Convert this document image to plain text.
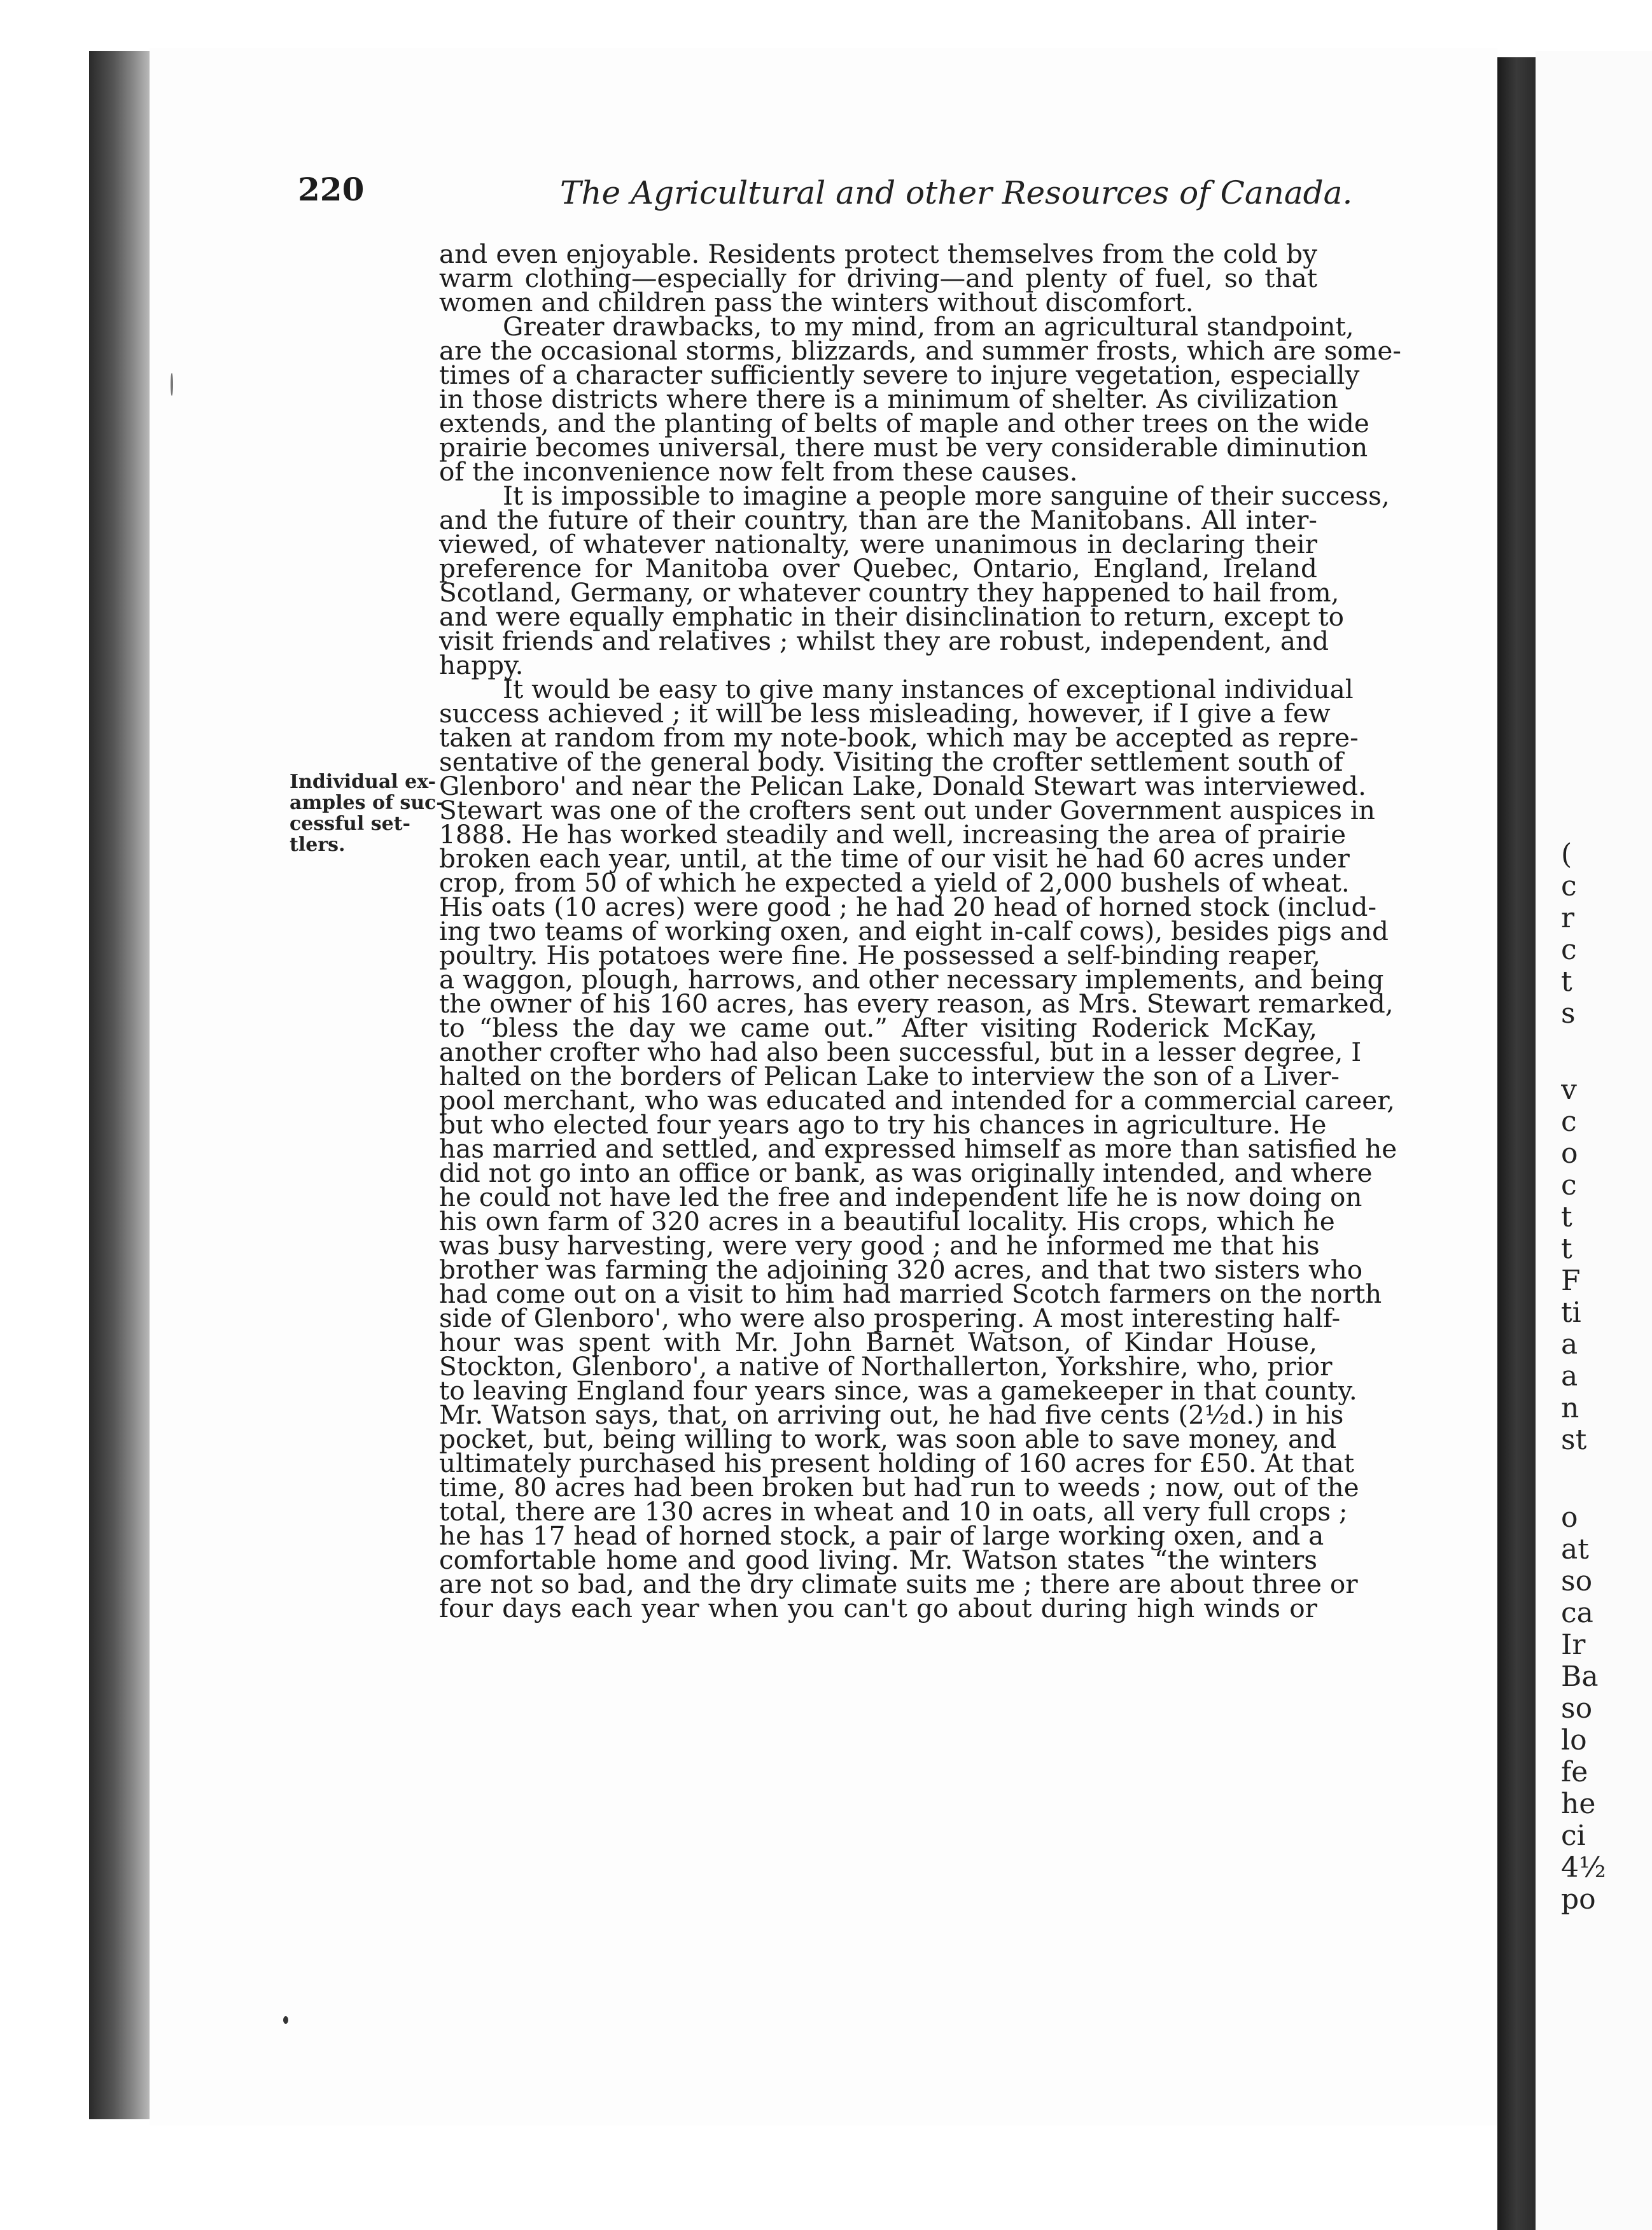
(
c
r
c
t
s
v
c
o
c
t
t
F
ti
a
a
n
st
o
at
so
ca
Ir
Ba
so
lo
fe
he
ci
4½
po
220	The Agricultural and other Resources of Canada.
Individual ex-
amples of suc-
cessful set-
tlers.
and even enjoyable. Residents protect themselves from the cold by
warm clothing—especially for driving—and plenty of fuel, so that
women and children pass the winters without discomfort.
Greater drawbacks, to my mind, from an agricultural standpoint,
are the occasional storms, blizzards, and summer frosts, which are some-
times of a character sufficiently severe to injure vegetation, especially
in those districts where there is a minimum of shelter. As civilization
extends, and the planting of belts of maple and other trees on the wide
prairie becomes universal, there must be very considerable diminution
of the inconvenience now felt from these causes.
It is impossible to imagine a people more sanguine of their success,
and the future of their country, than are the Manitobans. All inter-
viewed, of whatever nationalty, were unanimous in declaring their
preference for Manitoba over Quebec, Ontario, England, Ireland
Scotland, Germany, or whatever country they happened to hail from,
and were equally emphatic in their disinclination to return, except to
visit friends and relatives ; whilst they are robust, independent, and
happy.
It would be easy to give many instances of exceptional individual
success achieved ; it will be less misleading, however, if I give a few
taken at random from my note-book, which may be accepted as repre-
sentative of the general body. Visiting the crofter settlement south of
Glenboro' and near the Pelican Lake, Donald Stewart was interviewed.
Stewart was one of the crofters sent out under Government auspices in
1888. He has worked steadily and well, increasing the area of prairie
broken each year, until, at the time of our visit he had 60 acres under
crop, from 50 of which he expected a yield of 2,000 bushels of wheat.
His oats (10 acres) were good ; he had 20 head of horned stock (includ-
ing two teams of working oxen, and eight in-calf cows), besides pigs and
poultry. His potatoes were fine. He possessed a self-binding reaper,
a waggon, plough, harrows, and other necessary implements, and being
the owner of his 160 acres, has every reason, as Mrs. Stewart remarked,
to “bless the day we came out.” After visiting Roderick McKay,
another crofter who had also been successful, but in a lesser degree, I
halted on the borders of Pelican Lake to interview the son of a Liver-
pool merchant, who was educated and intended for a commercial career,
but who elected four years ago to try his chances in agriculture. He
has married and settled, and expressed himself as more than satisfied he
did not go into an office or bank, as was originally intended, and where
he could not have led the free and independent life he is now doing on
his own farm of 320 acres in a beautiful locality. His crops, which he
was busy harvesting, were very good ; and he informed me that his
brother was farming the adjoining 320 acres, and that two sisters who
had come out on a visit to him had married Scotch farmers on the north
side of Glenboro', who were also prospering. A most interesting half-
hour was spent with Mr. John Barnet Watson, of Kindar House,
Stockton, Glenboro', a native of Northallerton, Yorkshire, who, prior
to leaving England four years since, was a gamekeeper in that county.
Mr. Watson says, that, on arriving out, he had five cents (2½d.) in his
pocket, but, being willing to work, was soon able to save money, and
ultimately purchased his present holding of 160 acres for £50. At that
time, 80 acres had been broken but had run to weeds ; now, out of the
total, there are 130 acres in wheat and 10 in oats, all very full crops ;
he has 17 head of horned stock, a pair of large working oxen, and a
comfortable home and good living. Mr. Watson states “the winters
are not so bad, and the dry climate suits me ; there are about three or
four days each year when you can't go about during high winds or
